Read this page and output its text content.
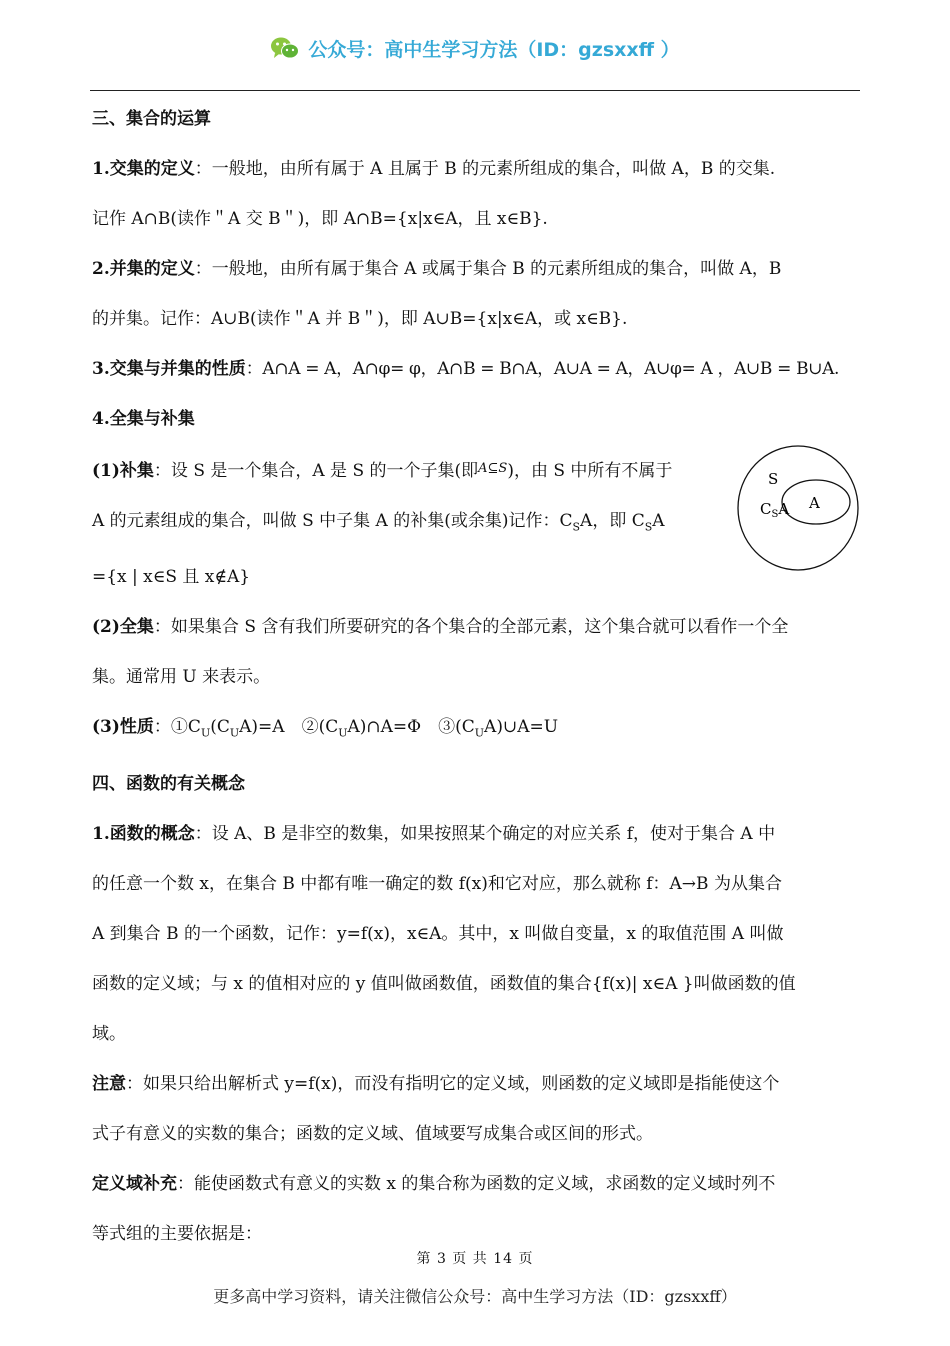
公众号：高中生学习方法（ID：gzsxxff ）

三、集合的运算

1.交集的定义：一般地，由所有属于 A 且属于 B 的元素所组成的集合，叫做 A，B 的交集.

记作 A∩B(读作＂A 交 B＂)，即 A∩B={x|x∈A，且 x∈B}.

2.并集的定义：一般地，由所有属于集合 A 或属于集合 B 的元素所组成的集合，叫做 A，B

的并集。记作：A∪B(读作＂A 并 B＂)，即 A∪B={x|x∈A，或 x∈B}.

3.交集与并集的性质：A∩A = A，A∩φ= φ，A∩B = B∩A，A∪A = A，A∪φ= A ，A∪B = B∪A.

4.全集与补集

(1)补集：设 S 是一个集合，A 是 S 的一个子集(即$^{A⊆S}$)，由 S 中所有不属于

A 的元素组成的集合，叫做 S 中子集 A 的补集(或余集)记作：$C_SA$，即 $C_SA$

={x | x∈S 且 x∉A}

(2)全集：如果集合 S 含有我们所要研究的各个集合的全部元素，这个集合就可以看作一个全

集。通常用 U 来表示。

(3)性质：$①C_U(C_UA)=A$　$②(C_UA)\cap A=\Phi$　$③(C_UA)\cup A=U$

四、函数的有关概念

1.函数的概念：设 A、B 是非空的数集，如果按照某个确定的对应关系 f，使对于集合 A 中

的任意一个数 x，在集合 B 中都有唯一确定的数 f(x)和它对应，那么就称 f：A→B 为从集合

A 到集合 B 的一个函数，记作：y=f(x)，x∈A。其中，x 叫做自变量，x 的取值范围 A 叫做

函数的定义域；与 x 的值相对应的 y 值叫做函数值，函数值的集合{f(x)| x∈A }叫做函数的值

域。

注意：如果只给出解析式 y=f(x)，而没有指明它的定义域，则函数的定义域即是指能使这个

式子有意义的实数的集合；函数的定义域、值域要写成集合或区间的形式。

定义域补充：能使函数式有意义的实数 x 的集合称为函数的定义域，求函数的定义域时列不

等式组的主要依据是：

S
$C_SA$ A
第 3 页 共 14 页
更多高中学习资料，请关注微信公众号：高中生学习方法（ID：gzsxxff）
